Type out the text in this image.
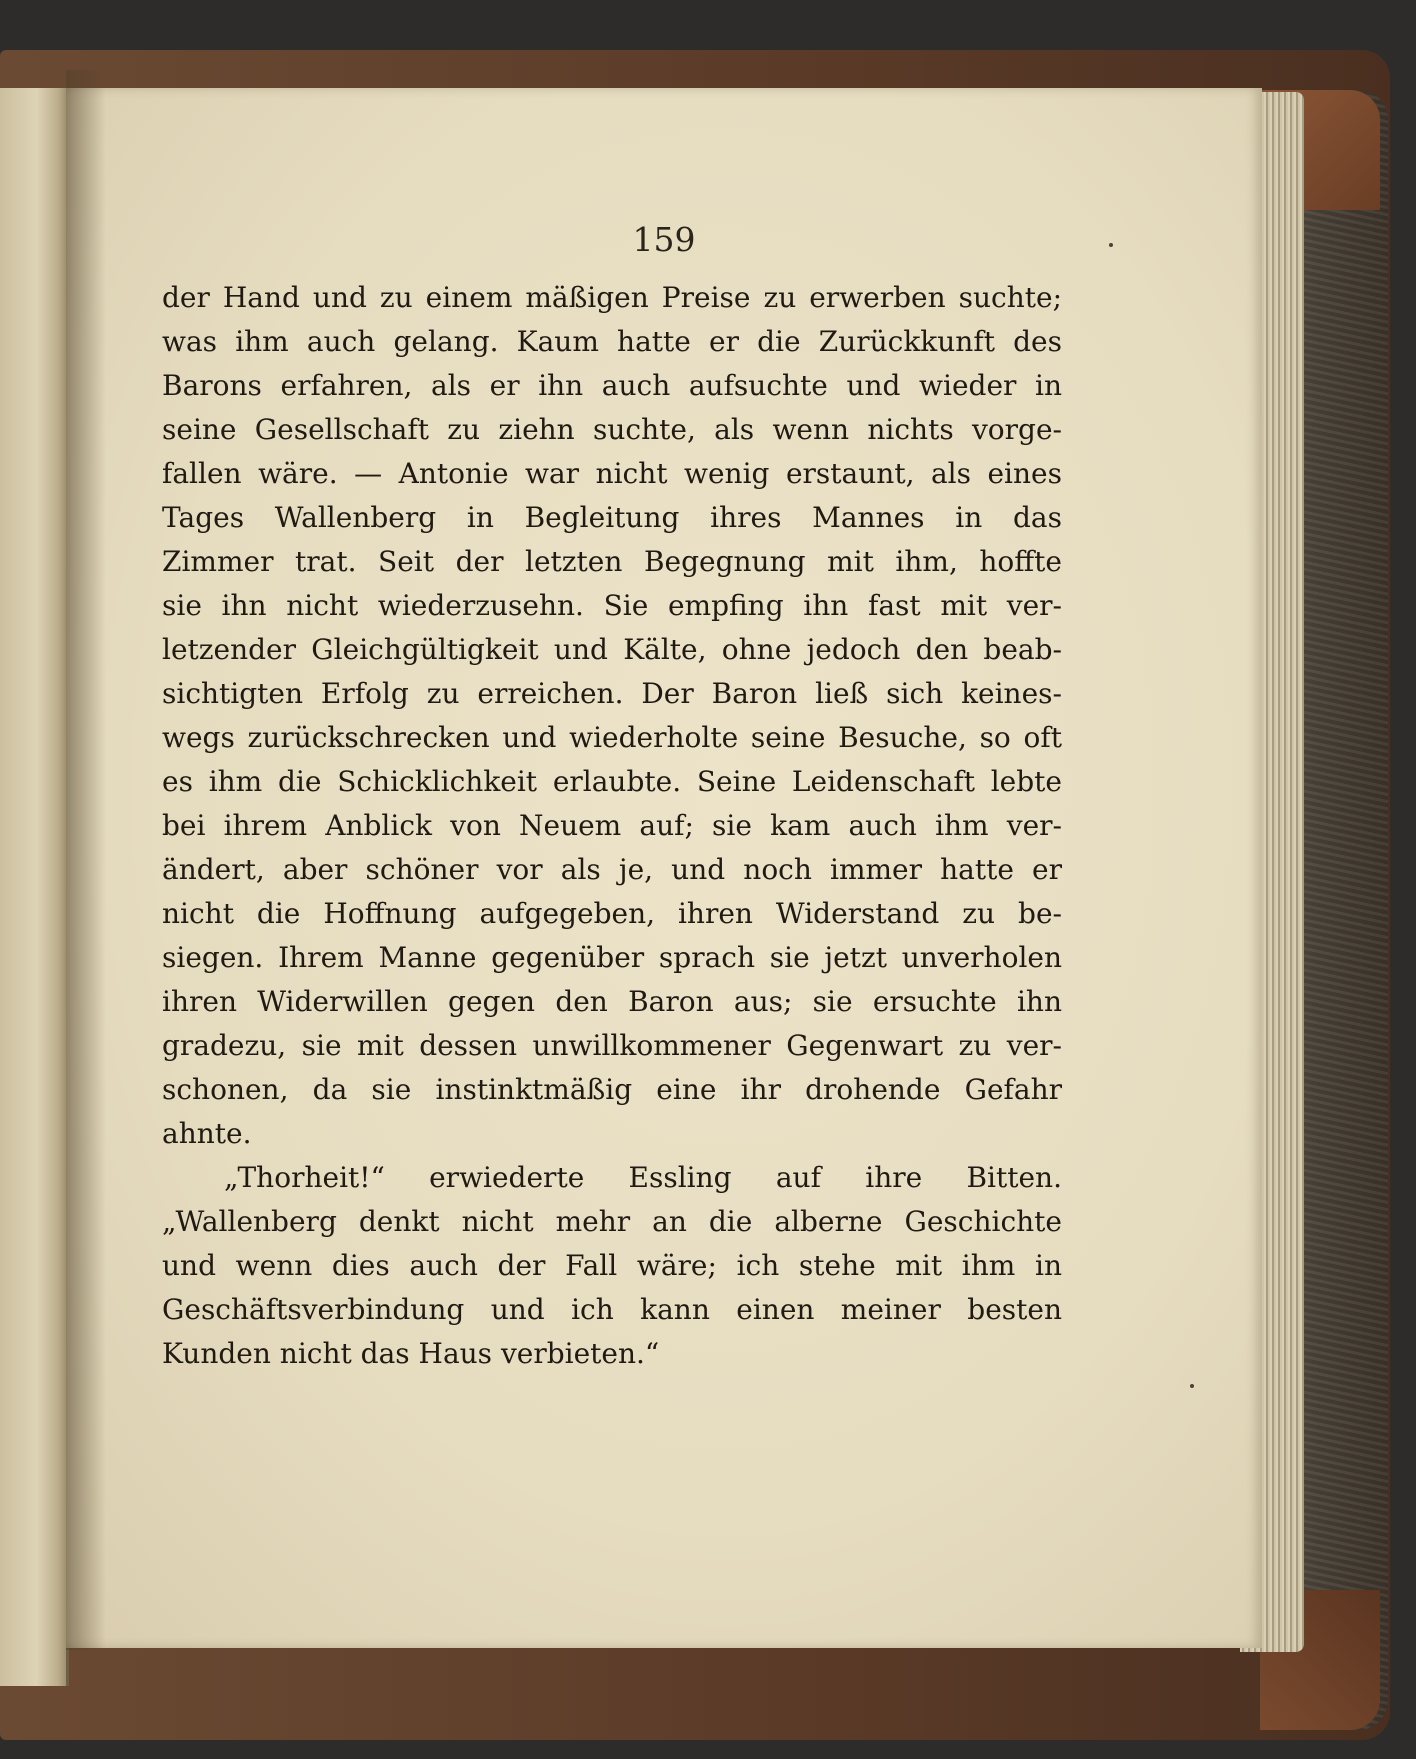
159

der Hand und zu einem mäßigen Preise zu erwerben suchte;
was ihm auch gelang. Kaum hatte er die Zurückkunft des
Barons erfahren, als er ihn auch aufsuchte und wieder in
seine Gesellschaft zu ziehn suchte, als wenn nichts vorge-
fallen wäre. — Antonie war nicht wenig erstaunt, als eines
Tages Wallenberg in Begleitung ihres Mannes in das
Zimmer trat. Seit der letzten Begegnung mit ihm, hoffte
sie ihn nicht wiederzusehn. Sie empfing ihn fast mit ver-
letzender Gleichgültigkeit und Kälte, ohne jedoch den beab-
sichtigten Erfolg zu erreichen. Der Baron ließ sich keines-
wegs zurückschrecken und wiederholte seine Besuche, so oft
es ihm die Schicklichkeit erlaubte. Seine Leidenschaft lebte
bei ihrem Anblick von Neuem auf; sie kam auch ihm ver-
ändert, aber schöner vor als je, und noch immer hatte er
nicht die Hoffnung aufgegeben, ihren Widerstand zu be-
siegen. Ihrem Manne gegenüber sprach sie jetzt unverholen
ihren Widerwillen gegen den Baron aus; sie ersuchte ihn
gradezu, sie mit dessen unwillkommener Gegenwart zu ver-
schonen, da sie instinktmäßig eine ihr drohende Gefahr
ahnte.
„Thorheit!“ erwiederte Essling auf ihre Bitten.
„Wallenberg denkt nicht mehr an die alberne Geschichte
und wenn dies auch der Fall wäre; ich stehe mit ihm in
Geschäftsverbindung und ich kann einen meiner besten
Kunden nicht das Haus verbieten.“
